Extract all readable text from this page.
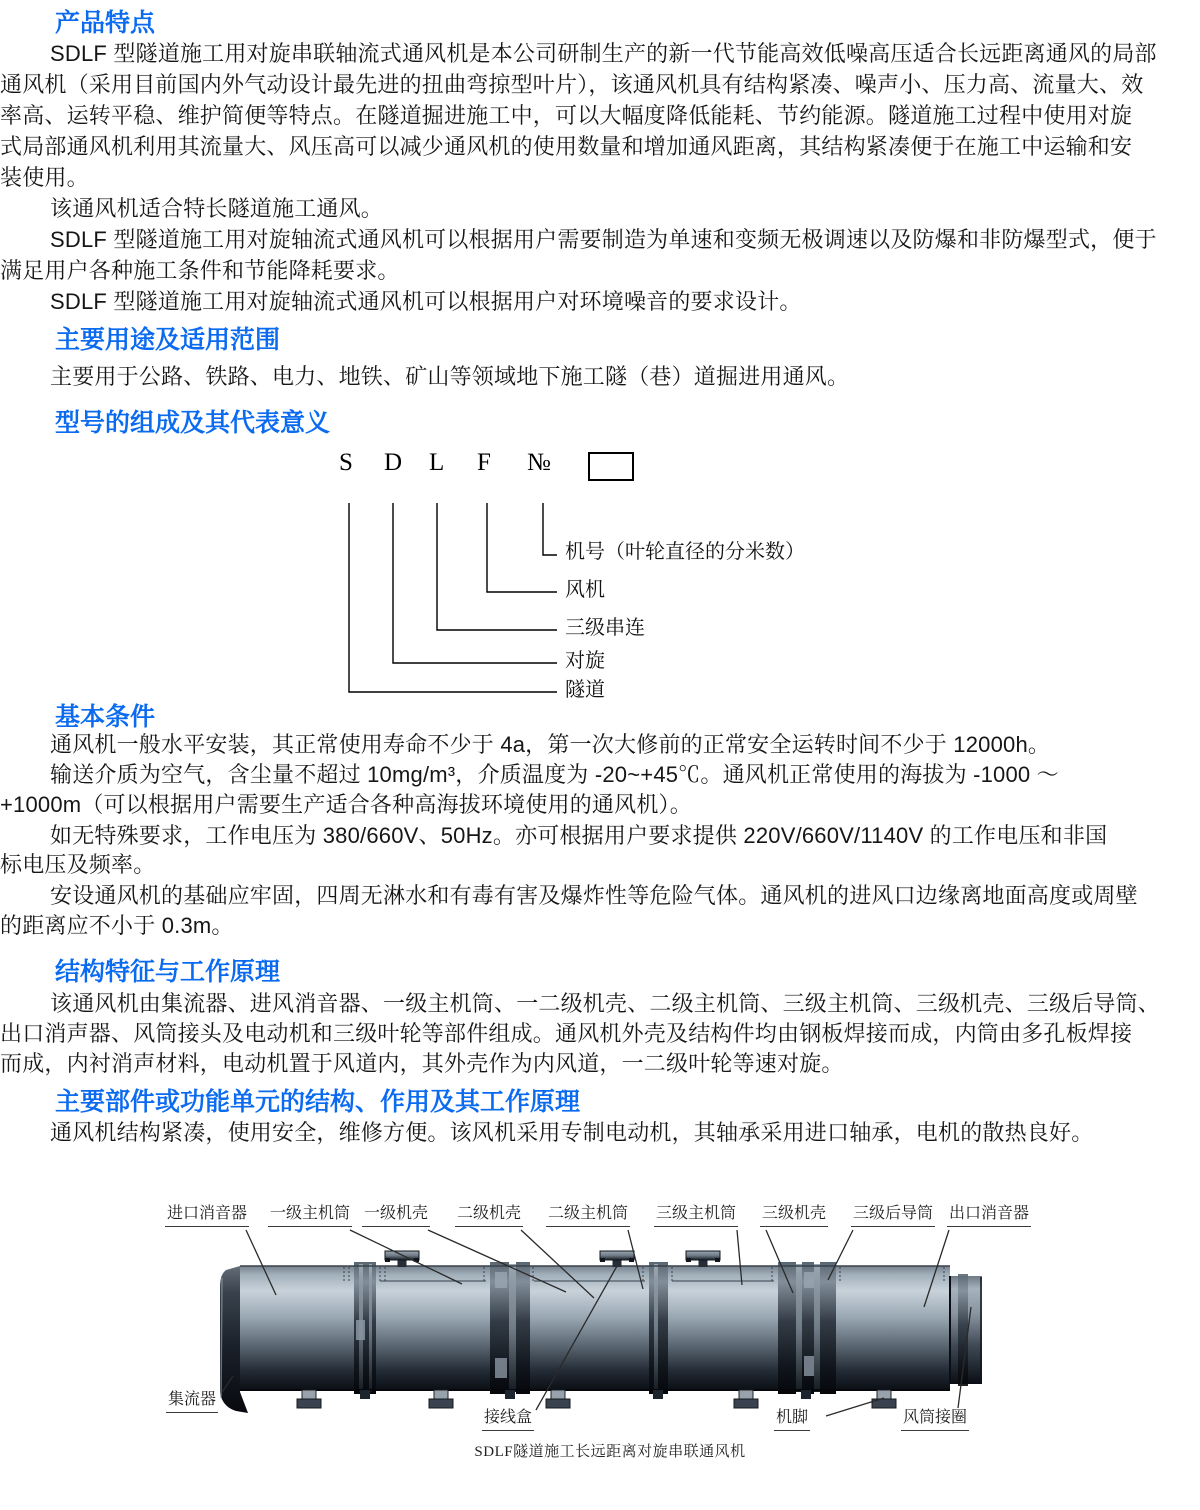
产品特点
SDLF 型隧道施工用对旋串联轴流式通风机是本公司研制生产的新一代节能高效低噪高压适合长远距离通风的局部
通风机（采用目前国内外气动设计最先进的扭曲弯掠型叶片），该通风机具有结构紧凑、噪声小、压力高、流量大、效
率高、运转平稳、维护简便等特点。在隧道掘进施工中，可以大幅度降低能耗、节约能源。隧道施工过程中使用对旋
式局部通风机利用其流量大、风压高可以减少通风机的使用数量和增加通风距离，其结构紧凑便于在施工中运输和安
装使用。
该通风机适合特长隧道施工通风。
SDLF 型隧道施工用对旋轴流式通风机可以根据用户需要制造为单速和变频无极调速以及防爆和非防爆型式，便于
满足用户各种施工条件和节能降耗要求。
SDLF 型隧道施工用对旋轴流式通风机可以根据用户对环境噪音的要求设计。
主要用途及适用范围
主要用于公路、铁路、电力、地铁、矿山等领域地下施工隧（巷）道掘进用通风。
型号的组成及其代表意义
S D L F №
机号（叶轮直径的分米数）
风机
三级串连
对旋
隧道
基本条件
通风机一般水平安装，其正常使用寿命不少于 4a，第一次大修前的正常安全运转时间不少于 12000h。
输送介质为空气，含尘量不超过 10mg/m³，介质温度为 -20~+45℃。通风机正常使用的海拔为 -1000 ～
+1000m（可以根据用户需要生产适合各种高海拔环境使用的通风机）。
如无特殊要求，工作电压为 380/660V、50Hz。亦可根据用户要求提供 220V/660V/1140V 的工作电压和非国
标电压及频率。
安设通风机的基础应牢固，四周无淋水和有毒有害及爆炸性等危险气体。通风机的进风口边缘离地面高度或周壁
的距离应不小于 0.3m。
结构特征与工作原理
该通风机由集流器、进风消音器、一级主机筒、一二级机壳、二级主机筒、三级主机筒、三级机壳、三级后导筒、
出口消声器、风筒接头及电动机和三级叶轮等部件组成。通风机外壳及结构件均由钢板焊接而成，内筒由多孔板焊接
而成，内衬消声材料，电动机置于风道内，其外壳作为内风道，一二级叶轮等速对旋。
主要部件或功能单元的结构、作用及其工作原理
通风机结构紧凑，使用安全，维修方便。该风机采用专制电动机，其轴承采用进口轴承，电机的散热良好。
进口消音器 一级主机筒 一级机壳 二级机壳 二级主机筒 三级主机筒 三级机壳 三级后导筒 出口消音器
集流器
接线盒	机脚	风筒接圈
SDLF隧道施工长远距离对旋串联通风机
